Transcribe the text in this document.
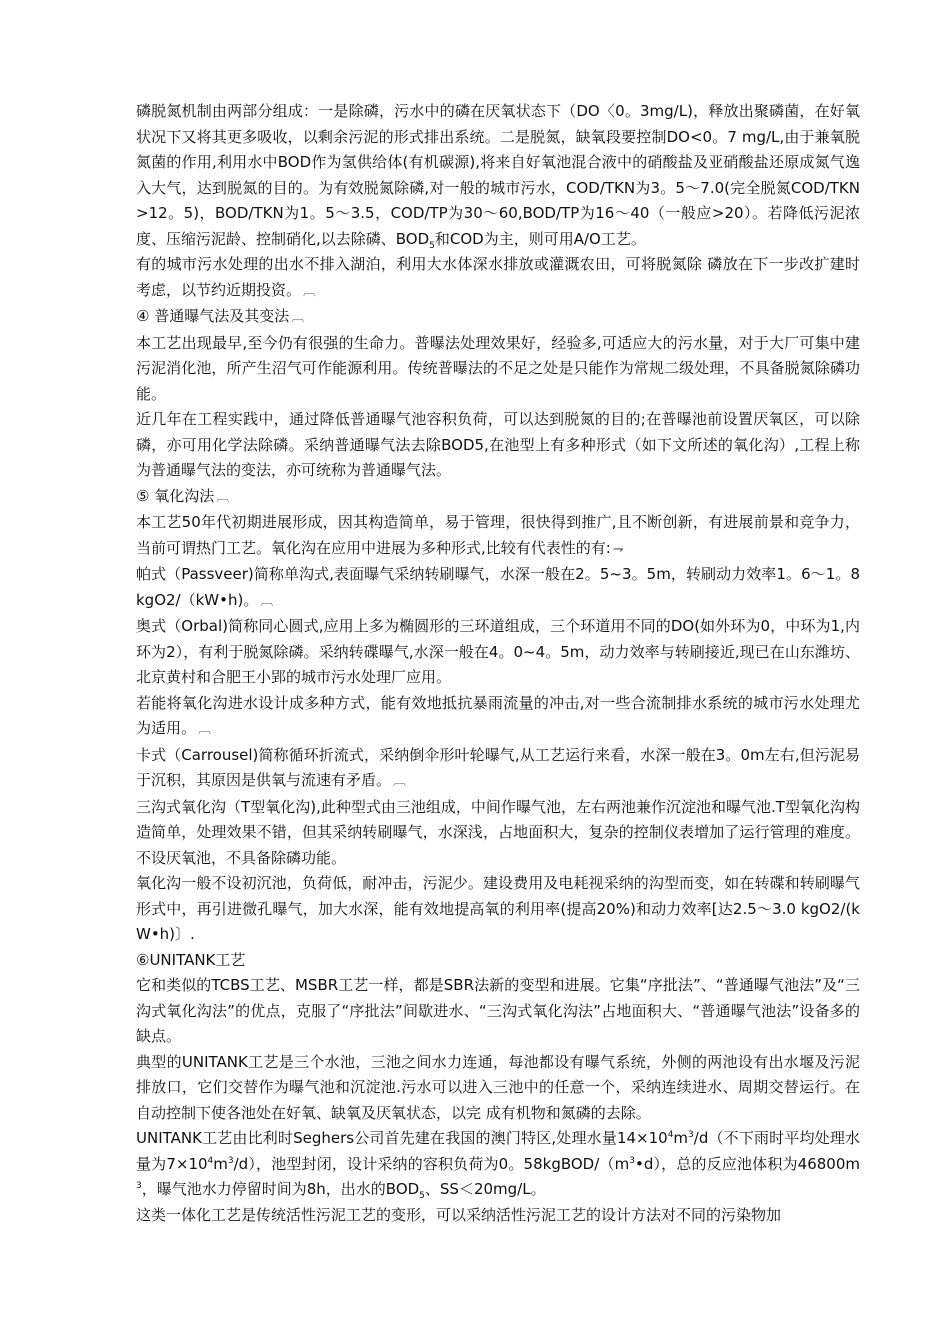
磷脱氮机制由两部分组成：一是除磷，污水中的磷在厌氧状态下（DO〈0。3mg/L)，释放出聚磷菌，在好氧状况下又将其更多吸收，以剩余污泥的形式排出系统。二是脱氮，缺氧段要控制DO<0。7 mg/L,由于兼氧脱氮菌的作用,利用水中BOD作为氢供给体(有机碳源),将来自好氧池混合液中的硝酸盐及亚硝酸盐还原成氮气逸入大气，达到脱氮的目的。为有效脱氮除磷,对一般的城市污水，COD/TKN为3。5～7.0(完全脱氮COD/TKN>12。5)，BOD/TKN为1。5～3.5，COD/TP为30～60,BOD/TP为16～40（一般应>20）。若降低污泥浓度、压缩污泥龄、控制硝化,以去除磷、$BOD_5$和COD为主，则可用A/O工艺。

有的城市污水处理的出水不排入湖泊，利用大水体深水排放或灌溉农田，可将脱氮除 磷放在下一步改扩建时考虑，以节约近期投资。 ︹

④ 普通曝气法及其变法 ︹

本工艺出现最早,至今仍有很强的生命力。普曝法处理效果好，经验多,可适应大的污水量，对于大厂可集中建污泥消化池，所产生沼气可作能源利用。传统普曝法的不足之处是只能作为常规二级处理，不具备脱氮除磷功能。

近几年在工程实践中，通过降低普通曝气池容积负荷，可以达到脱氮的目的;在普曝池前设置厌氧区，可以除磷，亦可用化学法除磷。采纳普通曝气法去除BOD5,在池型上有多种形式（如下文所述的氧化沟）,工程上称为普通曝气法的变法，亦可统称为普通曝气法。

⑤ 氧化沟法 ︹

本工艺50年代初期进展形成，因其构造简单，易于管理，很快得到推广,且不断创新，有进展前景和竞争力，当前可谓热门工艺。氧化沟在应用中进展为多种形式,比较有代表性的有: ⇁

帕式（Passveer)简称单沟式,表面曝气采纳转刷曝气，水深一般在2。5~3。5m，转刷动力效率1。6～1。8kgO2/（kW•h)。 ︹

奥式（Orbal)简称同心圆式,应用上多为椭圆形的三环道组成，三个环道用不同的DO(如外环为0，中环为1,内环为2），有利于脱氮除磷。采纳转碟曝气,水深一般在4。0~4。5m，动力效率与转刷接近,现已在山东潍坊、北京黄村和合肥王小郢的城市污水处理厂应用。

若能将氧化沟进水设计成多种方式，能有效地抵抗暴雨流量的冲击,对一些合流制排水系统的城市污水处理尤为适用。 ︹

卡式（Carrousel)简称循环折流式，采纳倒伞形叶轮曝气,从工艺运行来看，水深一般在3。0m左右,但污泥易于沉积，其原因是供氧与流速有矛盾。 ︹

三沟式氧化沟（T型氧化沟),此种型式由三池组成，中间作曝气池，左右两池兼作沉淀池和曝气池.T型氧化沟构造简单，处理效果不错，但其采纳转刷曝气，水深浅，占地面积大，复杂的控制仪表增加了运行管理的难度。不设厌氧池，不具备除磷功能。

氧化沟一般不设初沉池，负荷低，耐冲击，污泥少。建设费用及电耗视采纳的沟型而变，如在转碟和转刷曝气形式中，再引进微孔曝气，加大水深，能有效地提高氧的利用率(提高20%)和动力效率[达2.5～3.0 kgO2/(kW•h)〕.

⑥UNITANK工艺

它和类似的TCBS工艺、MSBR工艺一样，都是SBR法新的变型和进展。它集“序批法”、“普通曝气池法”及“三沟式氧化沟法”的优点，克服了“序批法”间歇进水、“三沟式氧化沟法”占地面积大、“普通曝气池法”设备多的缺点。

典型的UNITANK工艺是三个水池，三池之间水力连通，每池都设有曝气系统，外侧的两池设有出水堰及污泥排放口，它们交替作为曝气池和沉淀池.污水可以进入三池中的任意一个，采纳连续进水、周期交替运行。在自动控制下使各池处在好氧、缺氧及厌氧状态，以完 成有机物和氮磷的去除。

UNITANK工艺由比利时Seghers公司首先建在我国的澳门特区,处理水量$14\times 10^4m^3/d$（不下雨时平均处理水量为$7\times 10^4m^3/d$），池型封闭，设计采纳的容积负荷为0。$58kgBOD/(m^3•d)$，总的反应池体积为$46800m^3$，曝气池水力停留时间为8h，出水的$BOD_5$、SS＜20mg/L。

这类一体化工艺是传统活性污泥工艺的变形，可以采纳活性污泥工艺的设计方法对不同的污染物加
